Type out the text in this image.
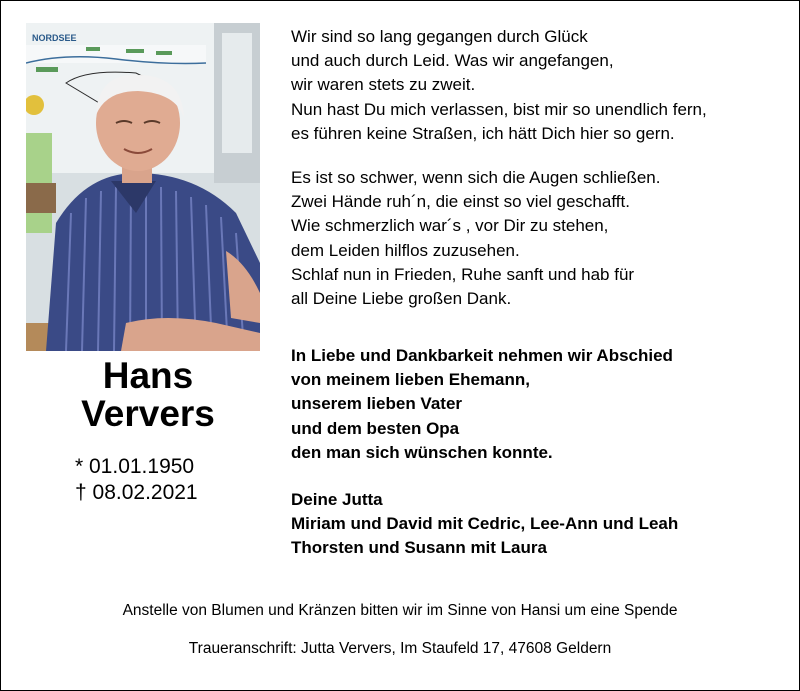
NORDSEE
Hans
Ververs
* 01.01.1950
† 08.02.2021

Wir sind so lang gegangen durch Glück
und auch durch Leid. Was wir angefangen,
wir waren stets zu zweit.
Nun hast Du mich verlassen, bist mir so unendlich fern,
es führen keine Straßen, ich hätt Dich hier so gern.

Es ist so schwer, wenn sich die Augen schließen.
Zwei Hände ruh´n, die einst so viel geschafft.
Wie schmerzlich war´s , vor Dir zu stehen,
dem Leiden hilflos zuzusehen.
Schlaf nun in Frieden, Ruhe sanft und hab für
all Deine Liebe großen Dank.

In Liebe und Dankbarkeit nehmen wir Abschied
von meinem lieben Ehemann,
unserem lieben Vater
und dem besten Opa
den man sich wünschen konnte.
Deine Jutta
Miriam und David mit Cedric, Lee-Ann und Leah
Thorsten und Susann mit Laura
Anstelle von Blumen und Kränzen bitten wir im Sinne von Hansi um eine Spende
Traueranschrift: Jutta Ververs, Im Staufeld 17, 47608 Geldern
